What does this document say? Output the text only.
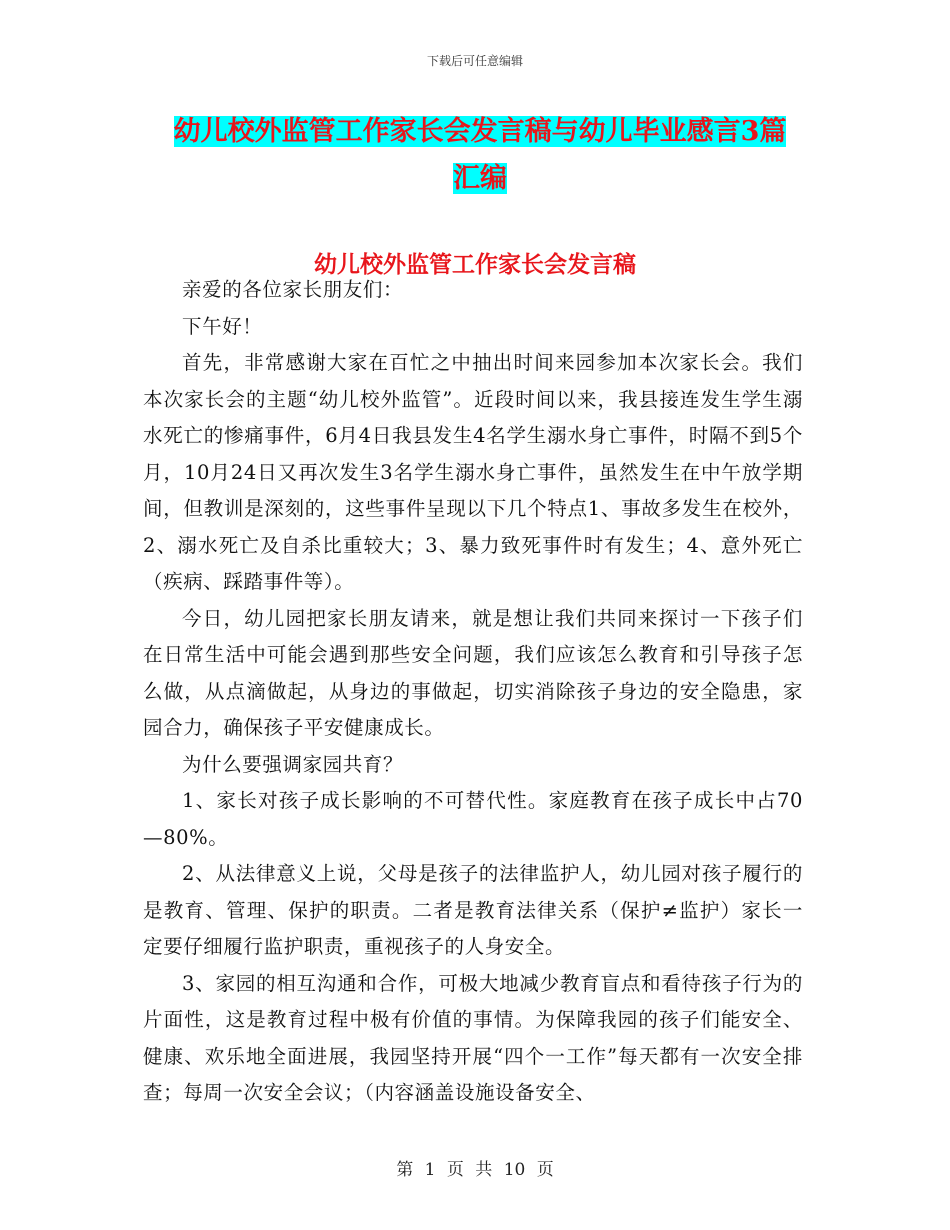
下载后可任意编辑
幼儿校外监管工作家长会发言稿与幼儿毕业感言3篇
汇编
幼儿校外监管工作家长会发言稿

亲爱的各位家长朋友们：

下午好！

首先，非常感谢大家在百忙之中抽出时间来园参加本次家长会。我们本次家长会的主题“幼儿校外监管”。近段时间以来，我县接连发生学生溺水死亡的惨痛事件，6月4日我县发生4名学生溺水身亡事件，时隔不到5个月，10月24日又再次发生3名学生溺水身亡事件，虽然发生在中午放学期间，但教训是深刻的，这些事件呈现以下几个特点1、事故多发生在校外，2、溺水死亡及自杀比重较大；3、暴力致死事件时有发生；4、意外死亡（疾病、踩踏事件等）。

今日，幼儿园把家长朋友请来，就是想让我们共同来探讨一下孩子们在日常生活中可能会遇到那些安全问题，我们应该怎么教育和引导孩子怎么做，从点滴做起，从身边的事做起，切实消除孩子身边的安全隐患，家园合力，确保孩子平安健康成长。

为什么要强调家园共育？

1、家长对孩子成长影响的不可替代性。家庭教育在孩子成长中占70—80%。

2、从法律意义上说，父母是孩子的法律监护人，幼儿园对孩子履行的是教育、管理、保护的职责。二者是教育法律关系（保护≠监护）家长一定要仔细履行监护职责，重视孩子的人身安全。

3、家园的相互沟通和合作，可极大地减少教育盲点和看待孩子行为的片面性，这是教育过程中极有价值的事情。为保障我园的孩子们能安全、健康、欢乐地全面进展，我园坚持开展“四个一工作”每天都有一次安全排查；每周一次安全会议；（内容涵盖设施设备安全、

第 1 页 共 10 页
